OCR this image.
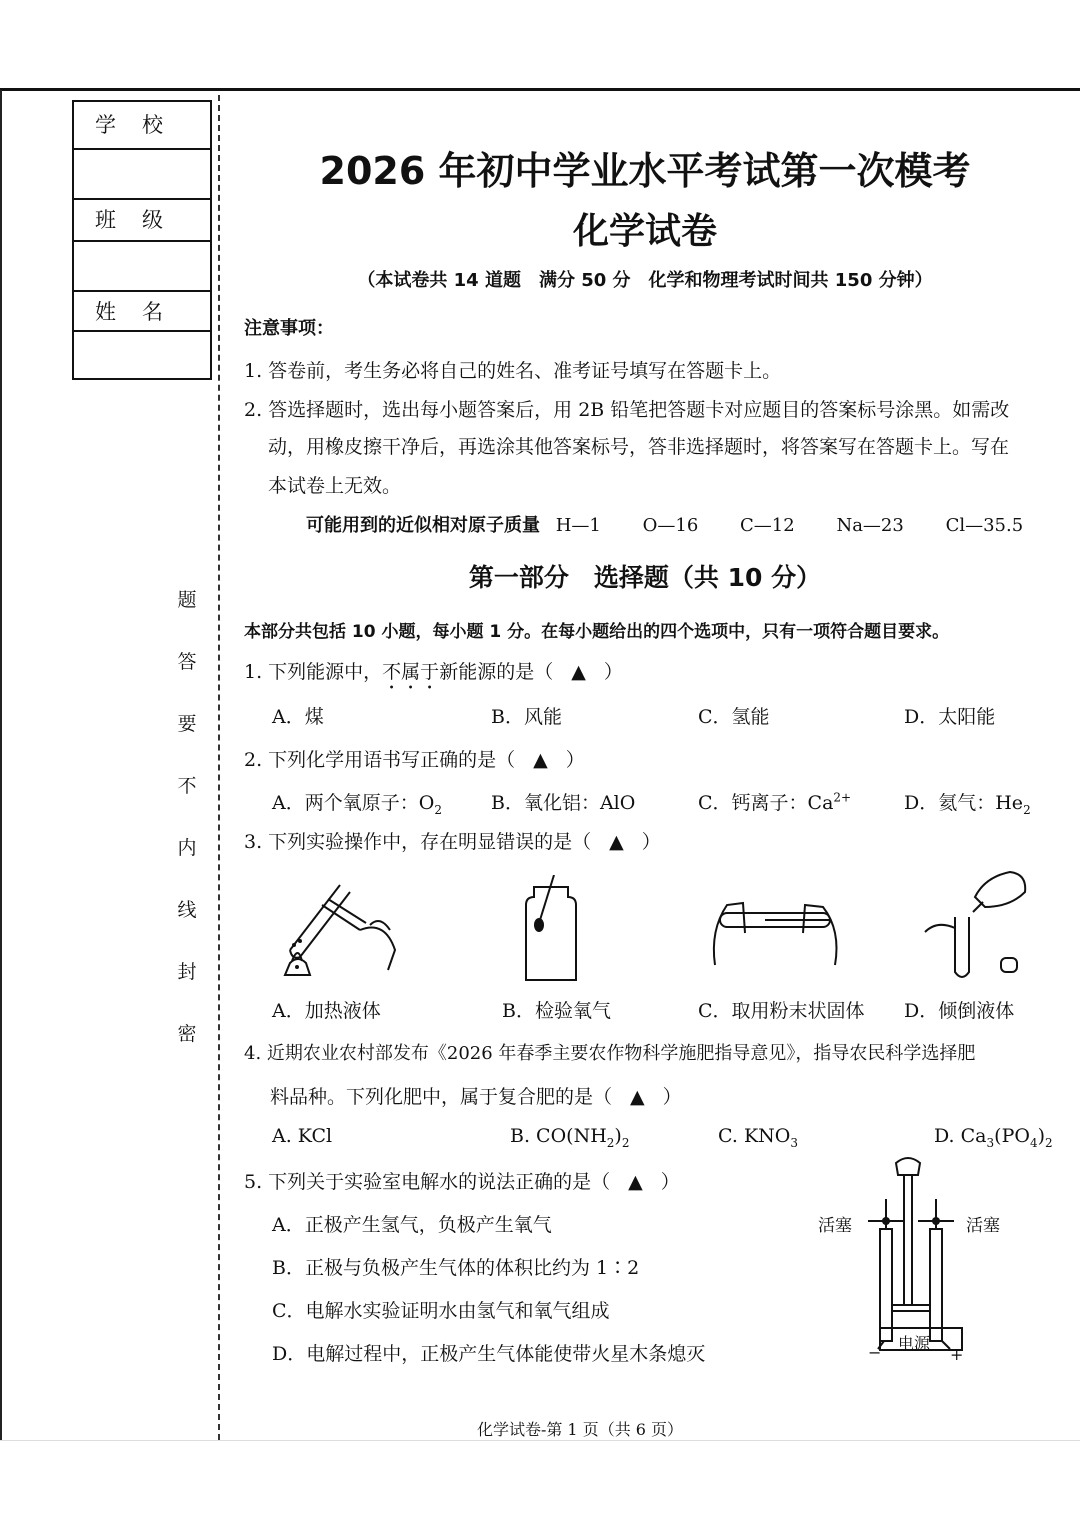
学校
班级
姓名
题
答
要
不
内
线
封
密
2026 年初中学业水平考试第一次模考
化学试卷
（本试卷共 14 道题　满分 50 分　化学和物理考试时间共 150 分钟）
注意事项：
1. 答卷前，考生务必将自己的姓名、准考证号填写在答题卡上。
2. 答选择题时，选出每小题答案后，用 2B 铅笔把答题卡对应题目的答案标号涂黑。如需改
动，用橡皮擦干净后，再选涂其他答案标号，答非选择题时，将答案写在答题卡上。写在
本试卷上无效。
可能用到的近似相对原子质量 H—1 O—16 C—12 Na—23 Cl—35.5
第一部分　选择题（共 10 分）
本部分共包括 10 小题，每小题 1 分。在每小题给出的四个选项中，只有一项符合题目要求。
1. 下列能源中，不属于新能源的是（ ▲ ）
A．煤	B．风能	C．氢能	D．太阳能
2. 下列化学用语书写正确的是（ ▲ ）
A．两个氧原子：$O_2$	B．氧化铝：AlO	C．钙离子：$Ca^{2+}$	D．氦气：$He_2$
3. 下列实验操作中，存在明显错误的是（ ▲ ）
A．加热液体	B．检验氧气	C．取用粉末状固体 D．倾倒液体
4. 近期农业农村部发布《2026 年春季主要农作物科学施肥指导意见》，指导农民科学选择肥
料品种。下列化肥中，属于复合肥的是（ ▲ ）
A. KCl	B. $CO(NH_2)_2$	C. $KNO_3$	D. $Ca_3(PO_4)_2$
5. 下列关于实验室电解水的说法正确的是（ ▲ ）
A．正极产生氢气，负极产生氧气
B．正极与负极产生气体的体积比约为 1∶2
C．电解水实验证明水由氢气和氧气组成
D．电解过程中，正极产生气体能使带火星木条熄灭
活塞	活塞
电源
−	+
化学试卷-第 1 页（共 6 页）
